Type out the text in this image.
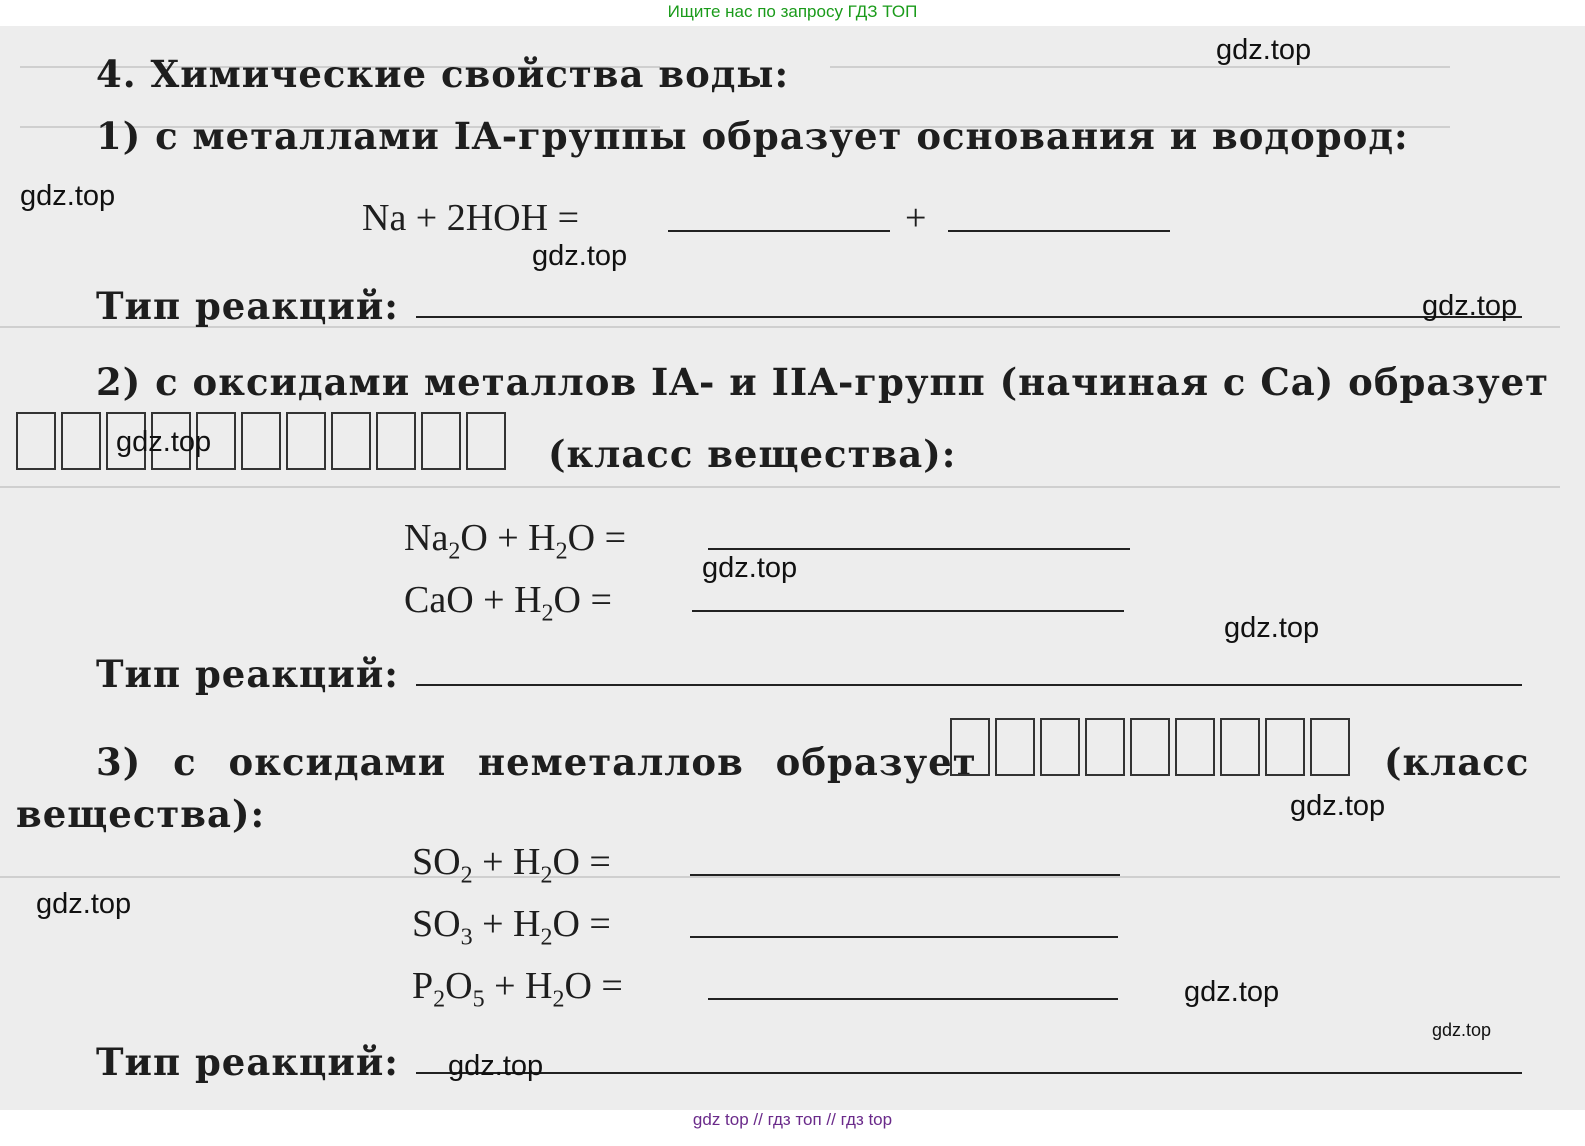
Ищите нас по запросу ГДЗ ТОП
4. Химические свойства воды:
1) с металлами IA-группы образует основания и водород:
Na + 2HOH =	+
Тип реакций:
2) с оксидами металлов IA- и IIA-групп (начиная с Ca) образует
(класс вещества):
$Na_2O + H_2O$ =
CaO + $H_2O$ =
Тип реакций:
3) с оксидами неметаллов образует	(класс
вещества):
$SO_2 + H_2O$ =
$SO_3 + H_2O$ =
$P_2O_5 + H_2O$ =
Тип реакций:
gdz.top
gdz.top
gdz.top
gdz.top
gdz.top
gdz.top
gdz.top
gdz.top
gdz.top
gdz.top
gdz.top
gdz.top
gdz top // гдз топ // гдз top
